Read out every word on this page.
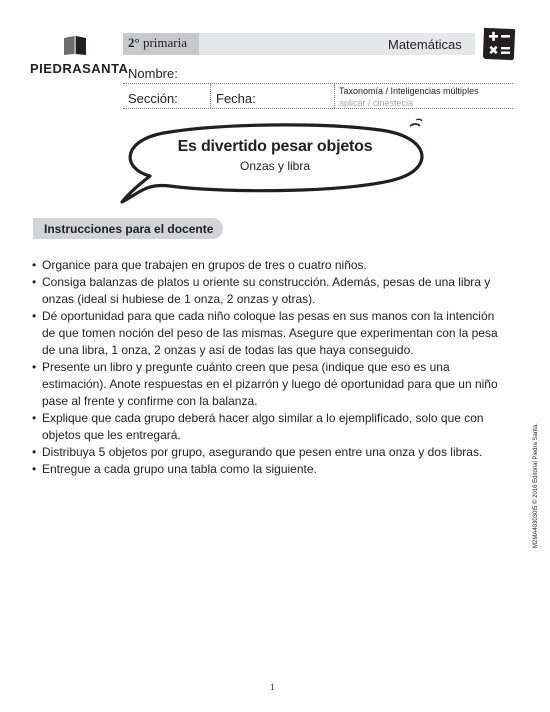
PIEDRASANTA
2° primaria	Matemáticas
Nombre:
Sección:	Fecha:	Taxonomía / Inteligencias múltiples
aplicar / cinestecia
Es divertido pesar objetos
Onzas y libra
Instrucciones para el docente
• Organice para que trabajen en grupos de tres o cuatro niños.
• Consiga balanzas de platos u oriente su construcción. Además, pesas de una libra y
onzas (ideal si hubiese de 1 onza, 2 onzas y otras).
• Dé oportunidad para que cada niño coloque las pesas en sus manos con la intención
de que tomen noción del peso de las mismas. Asegure que experimentan con la pesa
de una libra, 1 onza, 2 onzas y así de todas las que haya conseguido.
• Presente un libro y pregunte cuánto creen que pesa (indique que eso es una
estimación). Anote respuestas en el pizarrón y luego dé oportunidad para que un niño
pase al frente y confirme con la balanza.
• Explique que cada grupo deberá hacer algo similar a lo ejemplificado, solo que con
objetos que les entregará.
• Distribuya 5 objetos por grupo, asegurando que pesen entre una onza y dos libras.
• Entregue a cada grupo una tabla como la siguiente.	M2MA403030I5 © 2016 Editorial Piedra Santa.
1
